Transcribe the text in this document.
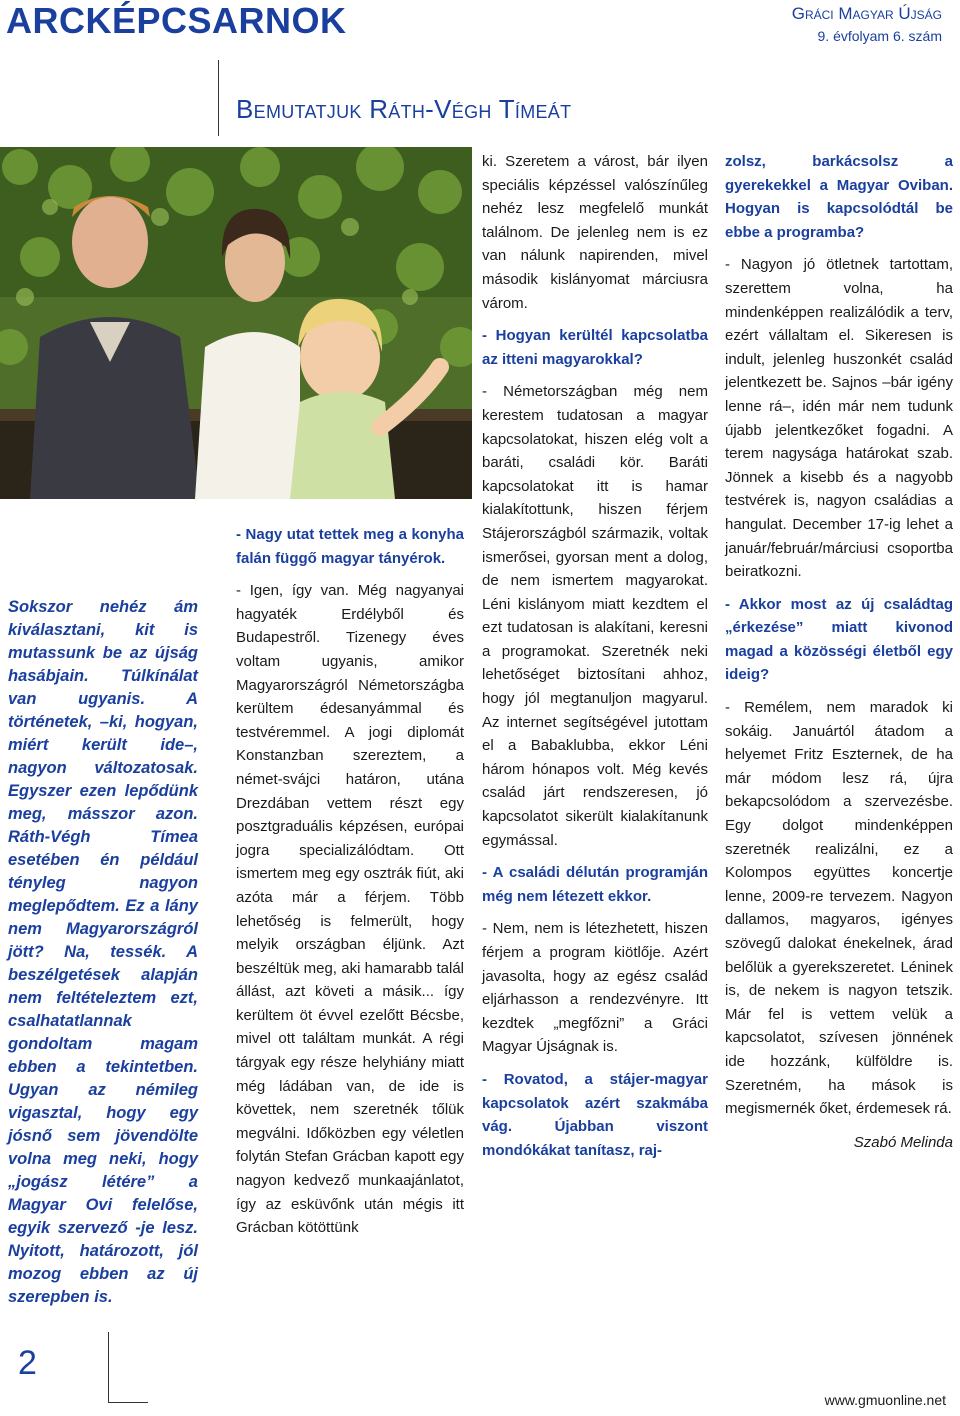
ARCKÉPCSARNOK	Gráci Magyar Újság
9. évfolyam 6. szám
Bemutatjuk Ráth-Végh Tímeát
Sokszor nehéz ám kiválasztani, kit is mutassunk be az újság hasábjain. Túlkínálat van ugyanis. A történetek, –ki, hogyan, miért került ide–, nagyon változatosak. Egyszer ezen lepődünk meg, másszor azon. Ráth-Végh Tímea esetében én például tényleg nagyon meglepődtem. Ez a lány nem Magyarországról jött? Na, tessék. A beszélgetések alapján nem feltételeztem ezt, csalhatatlannak gondoltam magam ebben a tekintetben. Ugyan az némileg vigasztal, hogy egy jósnő sem jövendölte volna meg neki, hogy „jogász létére” a Magyar Ovi felelőse, egyik szervező -je lesz. Nyitott, határozott, jól mozog ebben az új szerepben is.

- Nagy utat tettek meg a konyha falán függő magyar tányérok.

- Igen, így van. Még nagyanyai hagyaték Erdélyből és Budapestről. Tizenegy éves voltam ugyanis, amikor Magyarországról Németországba kerültem édesanyámmal és testvéremmel. A jogi diplomát Konstanzban szereztem, a német-svájci határon, utána Drezdában vettem részt egy posztgraduális képzésen, európai jogra specializálódtam. Ott ismertem meg egy osztrák fiút, aki azóta már a férjem. Több lehetőség is felmerült, hogy melyik országban éljünk. Azt beszéltük meg, aki hamarabb talál állást, azt követi a másik... így kerültem öt évvel ezelőtt Bécsbe, mivel ott találtam munkát. A régi tárgyak egy része helyhiány miatt még ládában van, de ide is követtek, nem szeretnék tőlük megválni. Időközben egy véletlen folytán Stefan Grácban kapott egy nagyon kedvező munkaajánlatot, így az esküvőnk után mégis itt Grácban kötöttünk

ki. Szeretem a várost, bár ilyen speciális képzéssel valószínűleg nehéz lesz megfelelő munkát találnom. De jelenleg nem is ez van nálunk napirenden, mivel második kislányomat márciusra várom.

- Hogyan kerültél kapcsolatba az itteni magyarokkal?

- Németországban még nem kerestem tudatosan a magyar kapcsolatokat, hiszen elég volt a baráti, családi kör. Baráti kapcsolatokat itt is hamar kialakítottunk, hiszen férjem Stájerországból származik, voltak ismerősei, gyorsan ment a dolog, de nem ismertem magyarokat. Léni kislányom miatt kezdtem el ezt tudatosan is alakítani, keresni a programokat. Szeretnék neki lehetőséget biztosítani ahhoz, hogy jól megtanuljon magyarul. Az internet segítségével jutottam el a Babaklubba, ekkor Léni három hónapos volt. Még kevés család járt rendszeresen, jó kapcsolatot sikerült kialakítanunk egymással.

- A családi délután programján még nem létezett ekkor.

- Nem, nem is létezhetett, hiszen férjem a program kiötlője. Azért javasolta, hogy az egész család eljárhasson a rendezvényre. Itt kezdtek „megfőzni” a Gráci Magyar Újságnak is.

- Rovatod, a stájer-magyar kapcsolatok azért szakmába vág. Újabban viszont mondókákat tanítasz, raj-

zolsz, barkácsolsz a gyerekekkel a Magyar Oviban. Hogyan is kapcsolódtál be ebbe a programba?

- Nagyon jó ötletnek tartottam, szerettem volna, ha mindenképpen realizálódik a terv, ezért vállaltam el. Sikeresen is indult, jelenleg huszonkét család jelentkezett be. Sajnos –bár igény lenne rá–, idén már nem tudunk újabb jelentkezőket fogadni. A terem nagysága határokat szab. Jönnek a kisebb és a nagyobb testvérek is, nagyon családias a hangulat. December 17-ig lehet a január/február/márciusi csoportba beiratkozni.

- Akkor most az új családtag „érkezése” miatt kivonod magad a közösségi életből egy ideig?

- Remélem, nem maradok ki sokáig. Januártól átadom a helyemet Fritz Eszternek, de ha már módom lesz rá, újra bekapcsolódom a szervezésbe. Egy dolgot mindenképpen szeretnék realizálni, ez a Kolompos együttes koncertje lenne, 2009-re tervezem. Nagyon dallamos, magyaros, igényes szövegű dalokat énekelnek, árad belőlük a gyerekszeretet. Léninek is, de nekem is nagyon tetszik. Már fel is vettem velük a kapcsolatot, szívesen jönnének ide hozzánk, külföldre is. Szeretném, ha mások is megismernék őket, érdemesek rá.

Szabó Melinda

2
www.gmuonline.net
